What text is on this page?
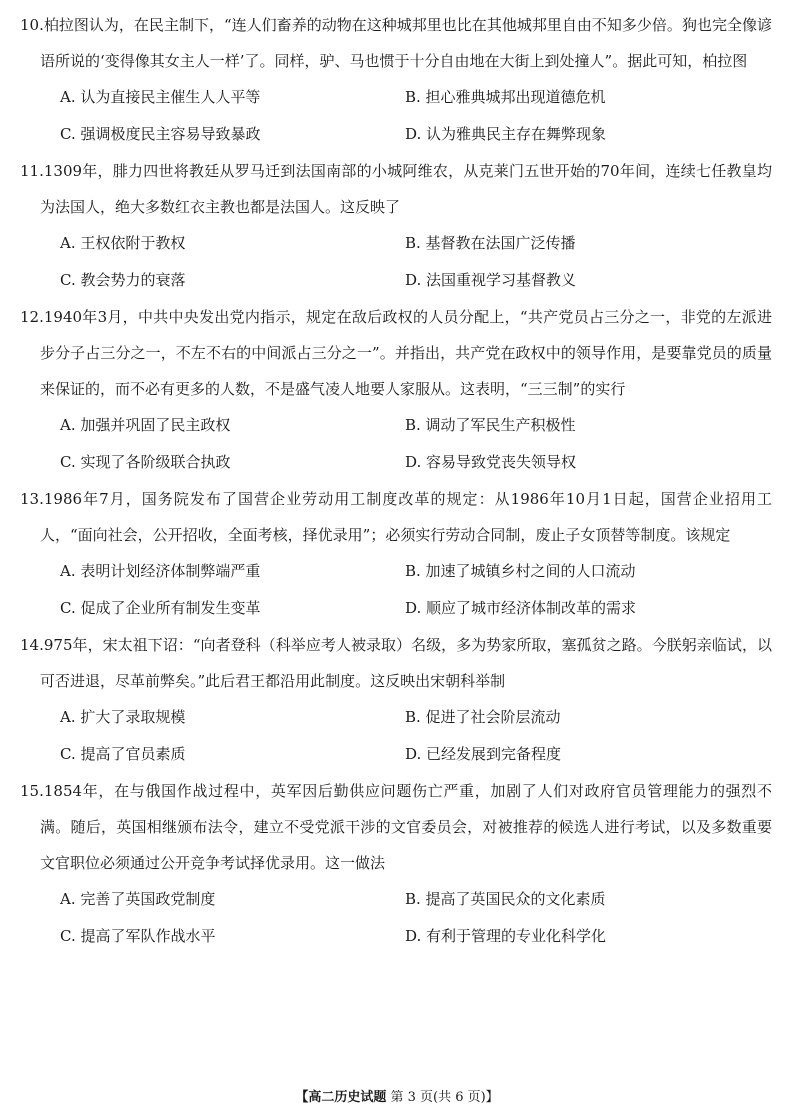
10.柏拉图认为，在民主制下，“连人们畜养的动物在这种城邦里也比在其他城邦里自由不知多少倍。狗也完全像谚语所说的‘变得像其女主人一样’了。同样，驴、马也惯于十分自由地在大街上到处撞人”。据此可知，柏拉图

A. 认为直接民主催生人人平等	B. 担心雅典城邦出现道德危机
C. 强调极度民主容易导致暴政	D. 认为雅典民主存在舞弊现象

11.1309年，腓力四世将教廷从罗马迁到法国南部的小城阿维农，从克莱门五世开始的70年间，连续七任教皇均为法国人，绝大多数红衣主教也都是法国人。这反映了

A. 王权依附于教权	B. 基督教在法国广泛传播
C. 教会势力的衰落	D. 法国重视学习基督教义

12.1940年3月，中共中央发出党内指示，规定在敌后政权的人员分配上，“共产党员占三分之一，非党的左派进步分子占三分之一，不左不右的中间派占三分之一”。并指出，共产党在政权中的领导作用，是要靠党员的质量来保证的，而不必有更多的人数，不是盛气凌人地要人家服从。这表明，“三三制”的实行

A. 加强并巩固了民主政权	B. 调动了军民生产积极性
C. 实现了各阶级联合执政	D. 容易导致党丧失领导权

13.1986年7月，国务院发布了国营企业劳动用工制度改革的规定：从1986年10月1日起，国营企业招用工人，“面向社会，公开招收，全面考核，择优录用”；必须实行劳动合同制，废止子女顶替等制度。该规定

A. 表明计划经济体制弊端严重	B. 加速了城镇乡村之间的人口流动
C. 促成了企业所有制发生变革	D. 顺应了城市经济体制改革的需求

14.975年，宋太祖下诏：“向者登科（科举应考人被录取）名级，多为势家所取，塞孤贫之路。今朕躬亲临试，以可否进退，尽革前弊矣。”此后君王都沿用此制度。这反映出宋朝科举制

A. 扩大了录取规模	B. 促进了社会阶层流动
C. 提高了官员素质	D. 已经发展到完备程度

15.1854年，在与俄国作战过程中，英军因后勤供应问题伤亡严重，加剧了人们对政府官员管理能力的强烈不满。随后，英国相继颁布法令，建立不受党派干涉的文官委员会，对被推荐的候选人进行考试，以及多数重要文官职位必须通过公开竞争考试择优录用。这一做法

A. 完善了英国政党制度	B. 提高了英国民众的文化素质
C. 提高了军队作战水平	D. 有利于管理的专业化科学化
【高二历史试题 第 3 页(共 6 页)】
